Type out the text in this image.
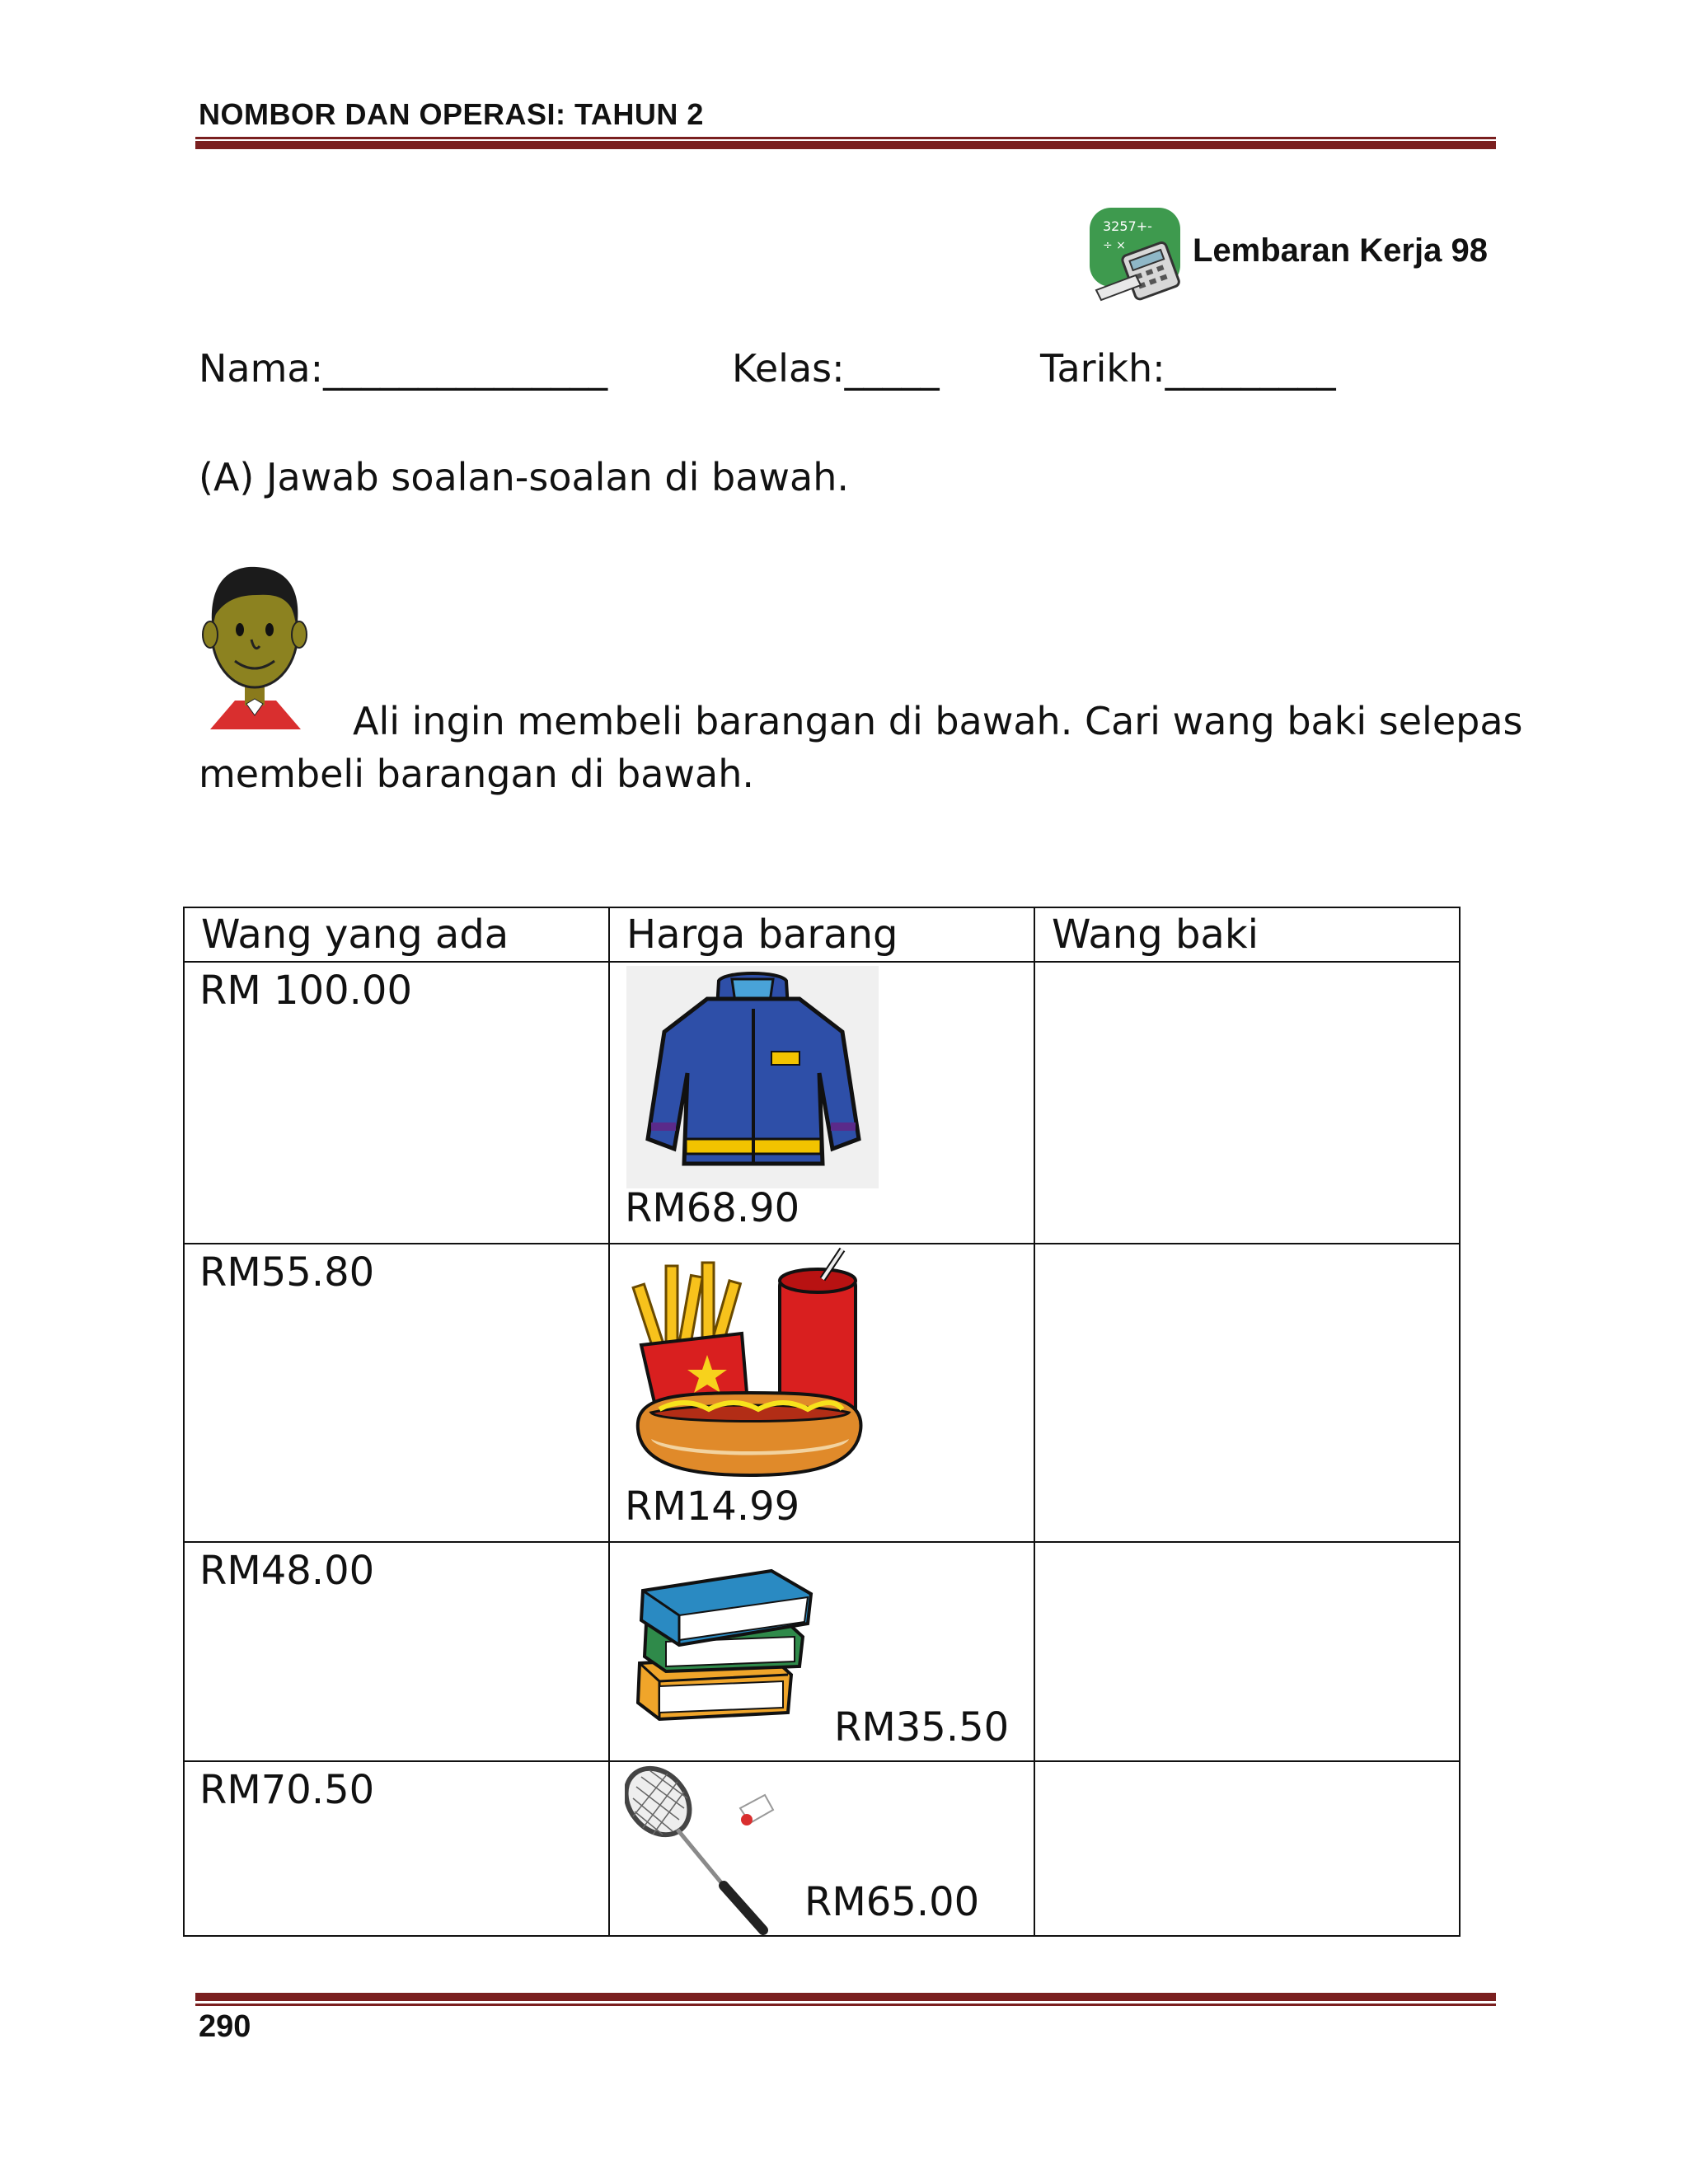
NOMBOR DAN OPERASI: TAHUN 2
3257+-
÷ × Lembaran Kerja 98
Nama:_______________	Kelas:_____	Tarikh:_________
(A) Jawab soalan-soalan di bawah.
Ali ingin membeli barangan di bawah. Cari wang baki selepas
membeli barangan di bawah.
Wang yang ada	Harga barang	Wang baki

RM 100.00	RM68.90	

RM55.80	RM14.99	

RM48.00	RM35.50	

RM70.50	RM65.00	

290
